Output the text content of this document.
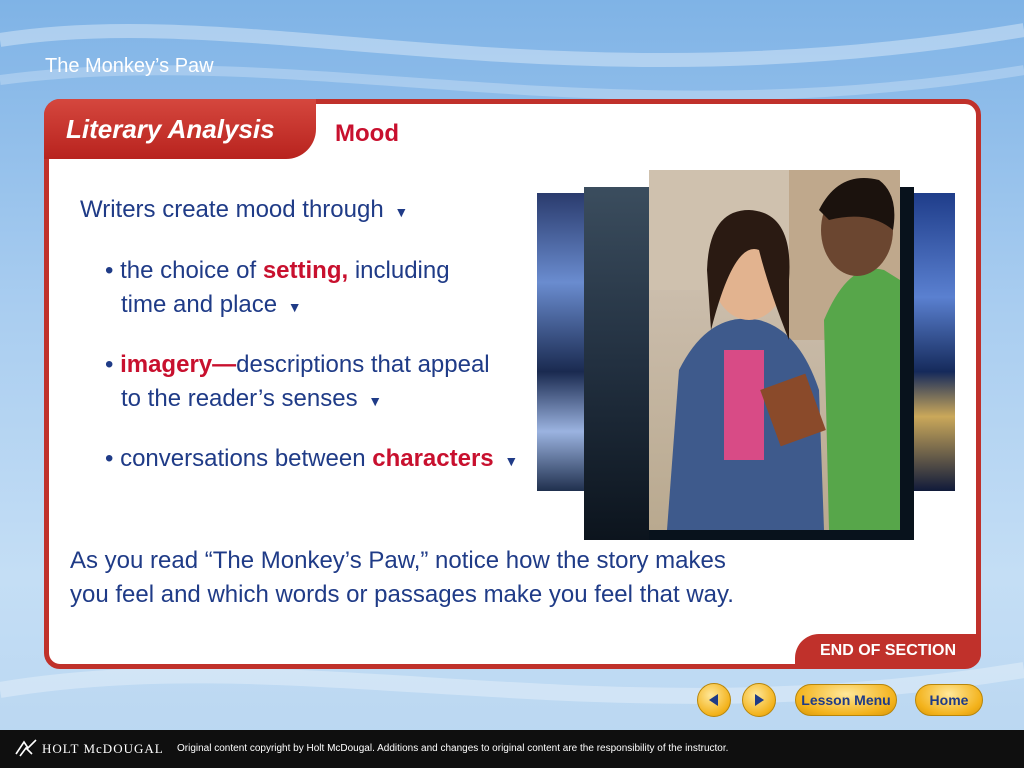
The Monkey’s Paw
Literary Analysis	Mood
Writers create mood through ▼
• the choice of setting, including
time and place ▼
• imagery—descriptions that appeal
to the reader’s senses ▼
• conversations between characters ▼
As you read “The Monkey’s Paw,” notice how the story makes
you feel and which words or passages make you feel that way.
END OF SECTION
Lesson Menu	Home
HOLT McDOUGAL Original content copyright by Holt McDougal. Additions and changes to original content are the responsibility of the instructor.
